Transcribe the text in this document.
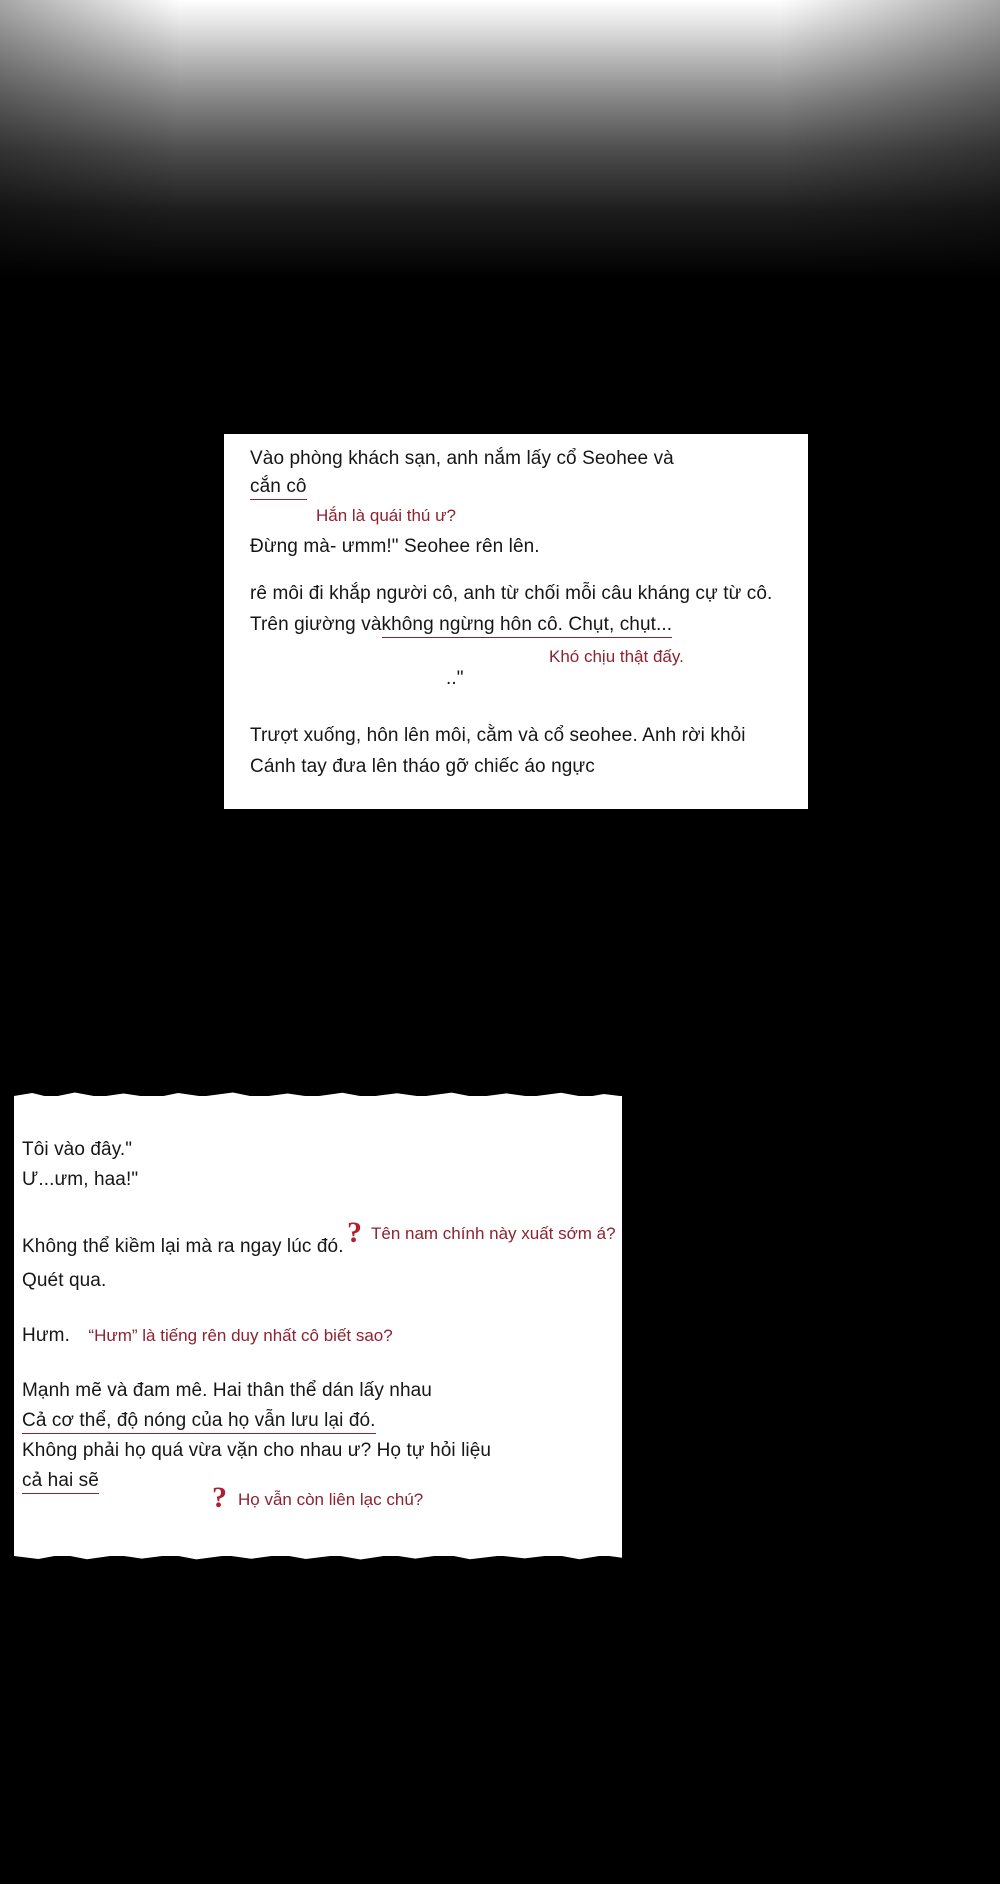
Vào phòng khách sạn, anh nắm lấy cổ Seohee và
cắn cô
Hắn là quái thú ư?
Đừng mà- ưmm!" Seohee rên lên.
rê môi đi khắp người cô, anh từ chối mỗi câu kháng cự từ cô.
Trên giường vàkhông ngừng hôn cô. Chụt, chụt...
Khó chịu thật đấy.
.."
Trượt xuống, hôn lên môi, cằm và cổ seohee. Anh rời khỏi
Cánh tay đưa lên tháo gỡ chiếc áo ngực
Tôi vào đây."
Ư...ưm, haa!"
Không thể kiềm lại mà ra ngay lúc đó. ? Tên nam chính này xuất sớm á?
Quét qua.
Hưm. “Hưm” là tiếng rên duy nhất cô biết sao?
Mạnh mẽ và đam mê. Hai thân thể dán lấy nhau
Cả cơ thể, độ nóng của họ vẫn lưu lại đó.
Không phải họ quá vừa vặn cho nhau ư? Họ tự hỏi liệu
cả hai sẽ
? Họ vẫn còn liên lạc chú?
